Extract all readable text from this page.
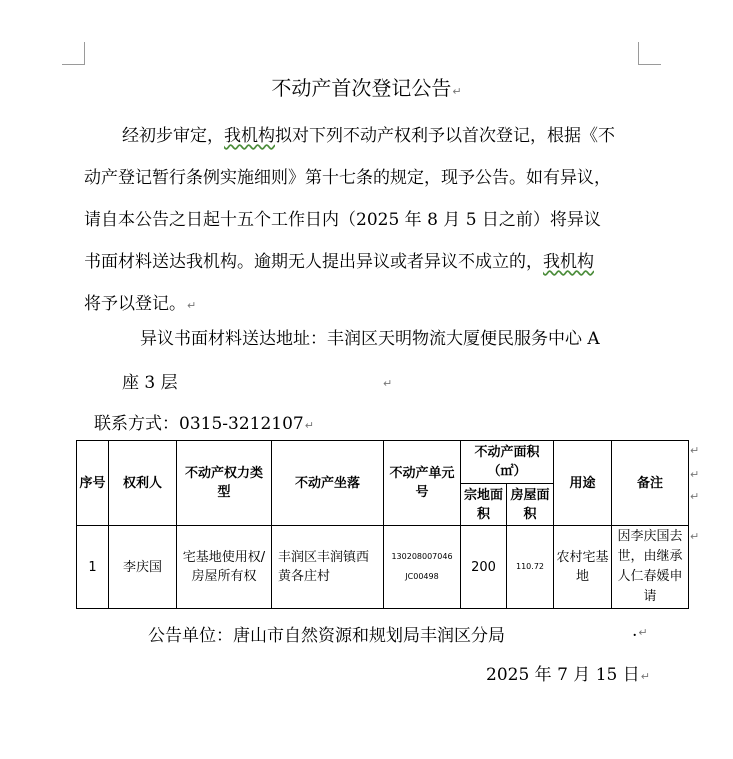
不动产首次登记公告↵
经初步审定，我机构拟对下列不动产权利予以首次登记，根据《不
动产登记暂行条例实施细则》第十七条的规定，现予公告。如有异议，
请自本公告之日起十五个工作日内（2025 年 8 月 5 日之前）将异议
书面材料送达我机构。逾期无人提出异议或者异议不成立的，我机构
将予以登记。↵
异议书面材料送达地址：丰润区天明物流大厦便民服务中心 A
座 3 层	↵
联系方式：0315-3212107↵
序号	权利人	不动产权力类型	不动产坐落	不动产单元号	不动产面积（㎡）		用途	备注
					宗地面积	房屋面积		
1	李庆国	宅基地使用权/房屋所有权	丰润区丰润镇西黄各庄村	130208007046
JC00498	200	110.72	农村宅基地	因李庆国去世，由继承人仁春媛申请
↵
↵
↵
↵
公告单位：唐山市自然资源和规划局丰润区分局	.↵
2025 年 7 月 15 日↵
